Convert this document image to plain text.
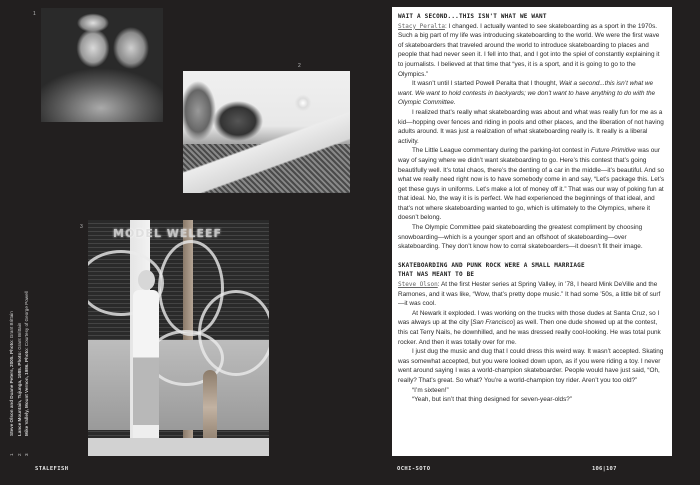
1
2
3	MODEL WELEEF
1 2 3
Steve Olson and Duane Peters, 2005. Photo: Grant Brittain
Lance Mountain, Tujunga, 1985. Photo: Grant Brittain
Mike Vallely, Mount Vernon, 1986. Photo: Courtesy of George Powell
STALEFISH
WAIT A SECOND...THIS ISN'T WHAT WE WANT

Stacy Peralta: I changed. I actually wanted to see skateboarding as a sport in the 1970s. Such a big part of my life was introducing skateboarding to the world. We were the first wave of skateboarders that traveled around the world to introduce skateboarding to places and people that had never seen it. I fell into that, and I got into the spiel of constantly explaining it to journalists. I believed at that time that “yes, it is a sport, and it is going to go to the Olympics.”

It wasn’t until I started Powell Peralta that I thought, Wait a second...this isn’t what we want. We want to hold contests in backyards; we don’t want to have anything to do with the Olympic Committee.

I realized that’s really what skateboarding was about and what was really fun for me as a kid—hopping over fences and riding in pools and other places, and the liberation of not having adults around. It was just a realization of what skateboarding really is. It really is a liberal activity.

The Little League commentary during the parking-lot contest in Future Primitive was our way of saying where we didn’t want skateboarding to go. Here’s this contest that’s going beautifully well. It’s total chaos, there’s the denting of a car in the middle—it’s beautiful. And so what we really need right now is to have somebody come in and say, “Let’s package this. Let’s get these guys in uniforms. Let’s make a lot of money off it.” That was our way of poking fun at that ideal. No, the way it is is perfect. We had experienced the beginnings of that ideal, and that’s not where skateboarding wanted to go, which is ultimately to the Olympics, where it doesn’t belong.

The Olympic Committee paid skateboarding the greatest compliment by choosing snowboarding—which is a younger sport and an offshoot of skateboarding—over skateboarding. They don’t know how to corral skateboarders—it doesn’t fit their image.

SKATEBOARDING AND PUNK ROCK WERE A SMALL MARRIAGE
THAT WAS MEANT TO BE

Steve Olson: At the first Hester series at Spring Valley, in ’78, I heard Mink DeVille and the Ramones, and it was like, “Wow, that’s pretty dope music.” It had some ’50s, a little bit of surf—it was cool.

At Newark it exploded. I was working on the trucks with those dudes at Santa Cruz, so I was always up at the city [San Francisco] as well. Then one dude showed up at the contest, this cat Terry Nails, he downhilled, and he was dressed really cool-looking. He was total punk rocker. And then it was totally over for me.

I just dug the music and dug that I could dress this weird way. It wasn’t accepted. Skating was somewhat accepted, but you were looked down upon, as if you were riding a toy. I never went around saying I was a world-champion skateboarder. People would have just said, “Oh, really? That’s great. So what? You’re a world-champion toy rider. Aren’t you too old?”

“I’m sixteen!”

“Yeah, but isn’t that thing designed for seven-year-olds?”

OCHI-SOTO	106|107
